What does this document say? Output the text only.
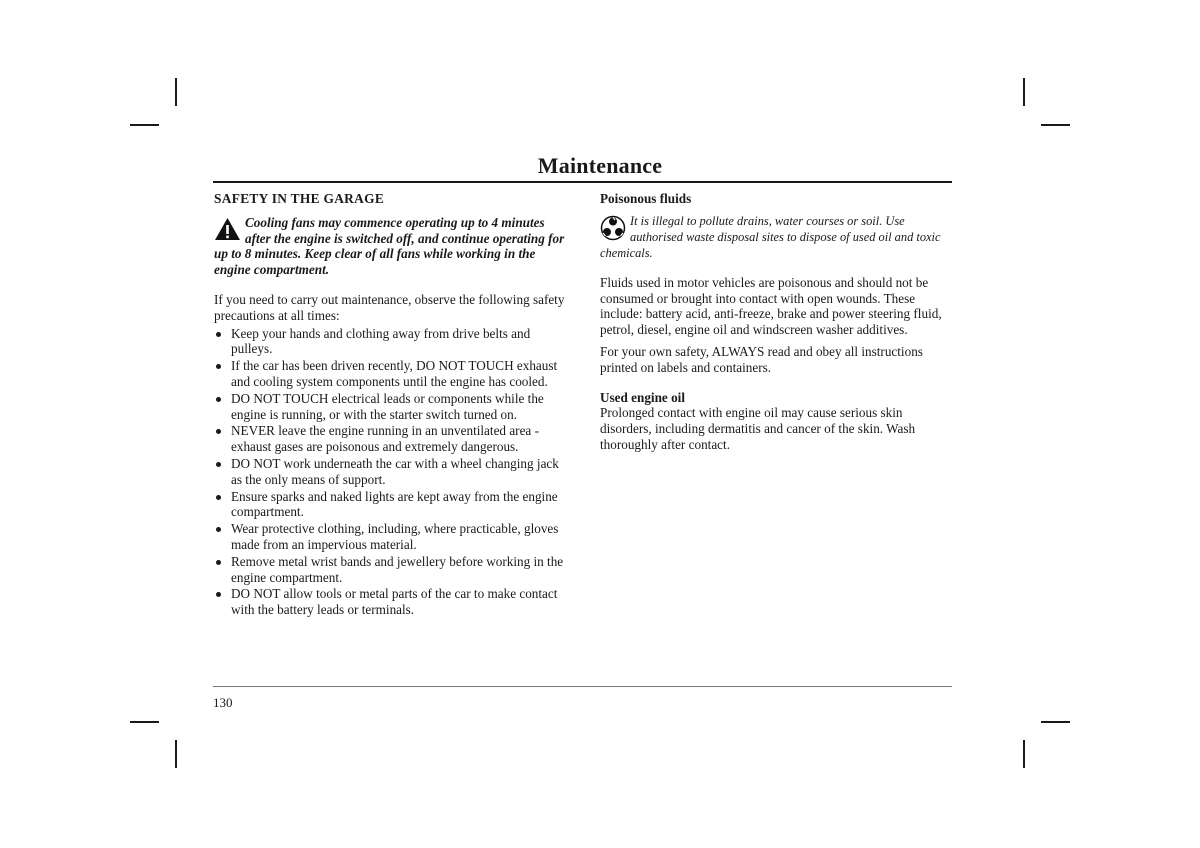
Maintenance
SAFETY IN THE GARAGE
Cooling fans may commence operating up to 4 minutes after the engine is switched off, and continue operating for up to 8 minutes. Keep clear of all fans while working in the engine compartment.
If you need to carry out maintenance, observe the following safety precautions at all times:
Keep your hands and clothing away from drive belts and pulleys.
If the car has been driven recently, DO NOT TOUCH exhaust and cooling system components until the engine has cooled.
DO NOT TOUCH electrical leads or components while the engine is running, or with the starter switch turned on.
NEVER leave the engine running in an unventilated area - exhaust gases are poisonous and extremely dangerous.
DO NOT work underneath the car with a wheel changing jack as the only means of support.
Ensure sparks and naked lights are kept away from the engine compartment.
Wear protective clothing, including, where practicable, gloves made from an impervious material.
Remove metal wrist bands and jewellery before working in the engine compartment.
DO NOT allow tools or metal parts of the car to make contact with the battery leads or terminals.
Poisonous fluids
It is illegal to pollute drains, water courses or soil. Use authorised waste disposal sites to dispose of used oil and toxic chemicals.
Fluids used in motor vehicles are poisonous and should not be consumed or brought into contact with open wounds. These include: battery acid, anti-freeze, brake and power steering fluid, petrol, diesel, engine oil and windscreen washer additives.
For your own safety, ALWAYS read and obey all instructions printed on labels and containers.
Used engine oil
Prolonged contact with engine oil may cause serious skin disorders, including dermatitis and cancer of the skin. Wash thoroughly after contact.
130
